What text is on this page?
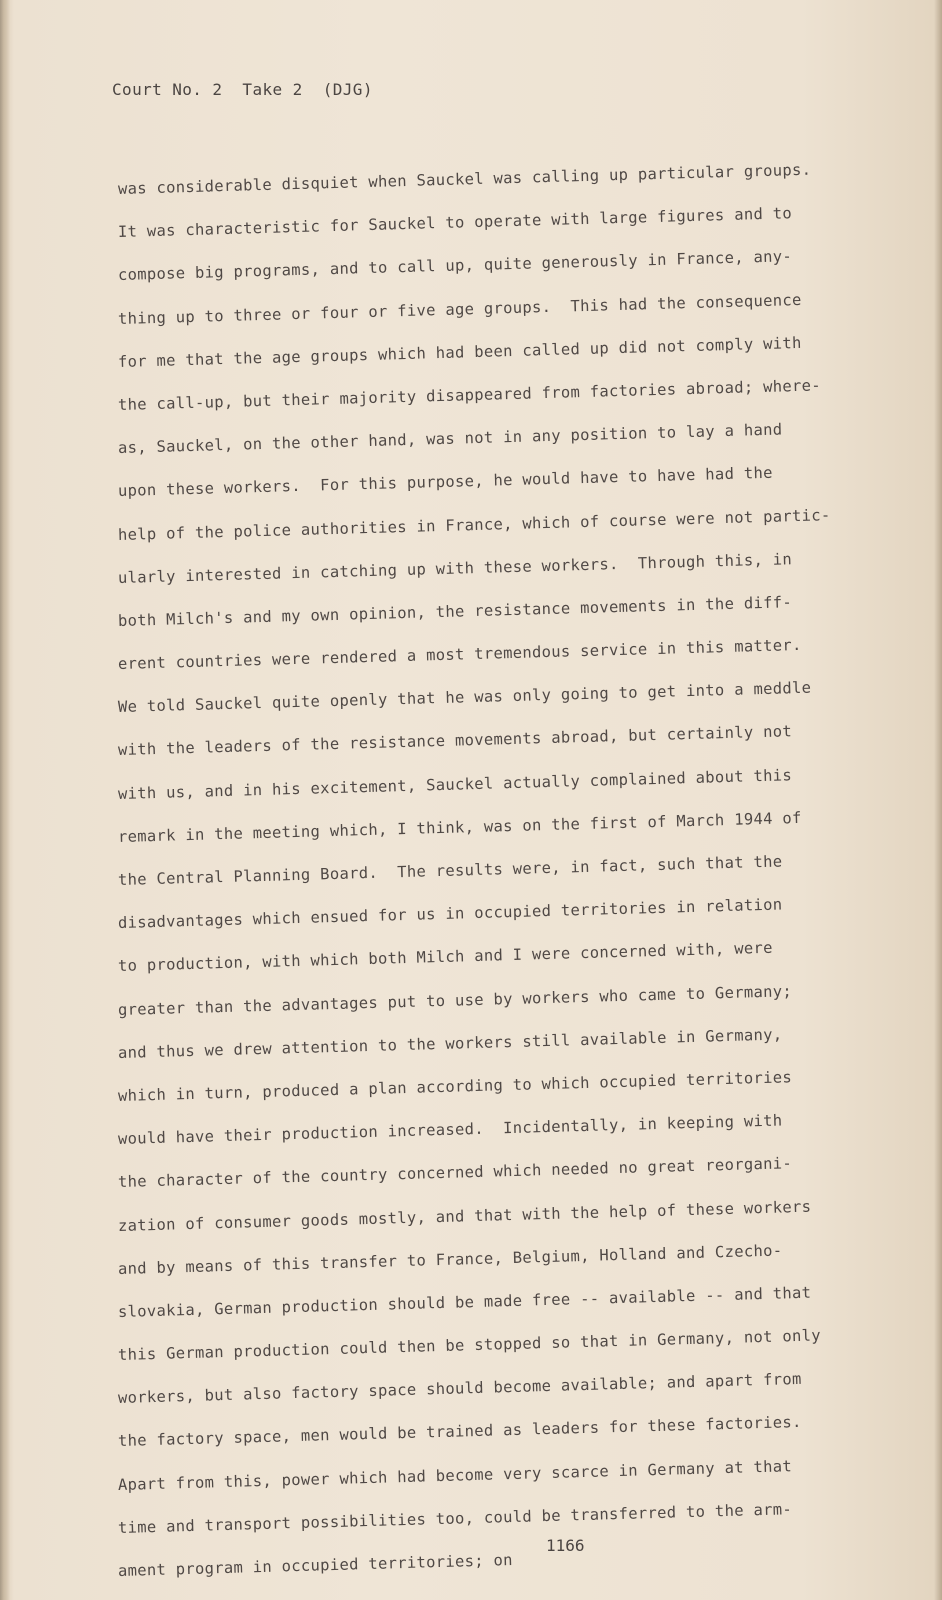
Court No. 2  Take 2  (DJG)
was considerable disquiet when Sauckel was calling up particular groups.
It was characteristic for Sauckel to operate with large figures and to
compose big programs, and to call up, quite generously in France, any-
thing up to three or four or five age groups.  This had the consequence
for me that the age groups which had been called up did not comply with
the call-up, but their majority disappeared from factories abroad; where-
as, Sauckel, on the other hand, was not in any position to lay a hand
upon these workers.  For this purpose, he would have to have had the
help of the police authorities in France, which of course were not partic-
ularly interested in catching up with these workers.  Through this, in
both Milch's and my own opinion, the resistance movements in the diff-
erent countries were rendered a most tremendous service in this matter.
We told Sauckel quite openly that he was only going to get into a meddle
with the leaders of the resistance movements abroad, but certainly not
with us, and in his excitement, Sauckel actually complained about this
remark in the meeting which, I think, was on the first of March 1944 of
the Central Planning Board.  The results were, in fact, such that the
disadvantages which ensued for us in occupied territories in relation
to production, with which both Milch and I were concerned with, were
greater than the advantages put to use by workers who came to Germany;
and thus we drew attention to the workers still available in Germany,
which in turn, produced a plan according to which occupied territories
would have their production increased.  Incidentally, in keeping with
the character of the country concerned which needed no great reorgani-
zation of consumer goods mostly, and that with the help of these workers
and by means of this transfer to France, Belgium, Holland and Czecho-
slovakia, German production should be made free -- available -- and that
this German production could then be stopped so that in Germany, not only
workers, but also factory space should become available; and apart from
the factory space, men would be trained as leaders for these factories.
Apart from this, power which had become very scarce in Germany at that
time and transport possibilities too, could be transferred to the arm-
ament program in occupied territories; on
1166
